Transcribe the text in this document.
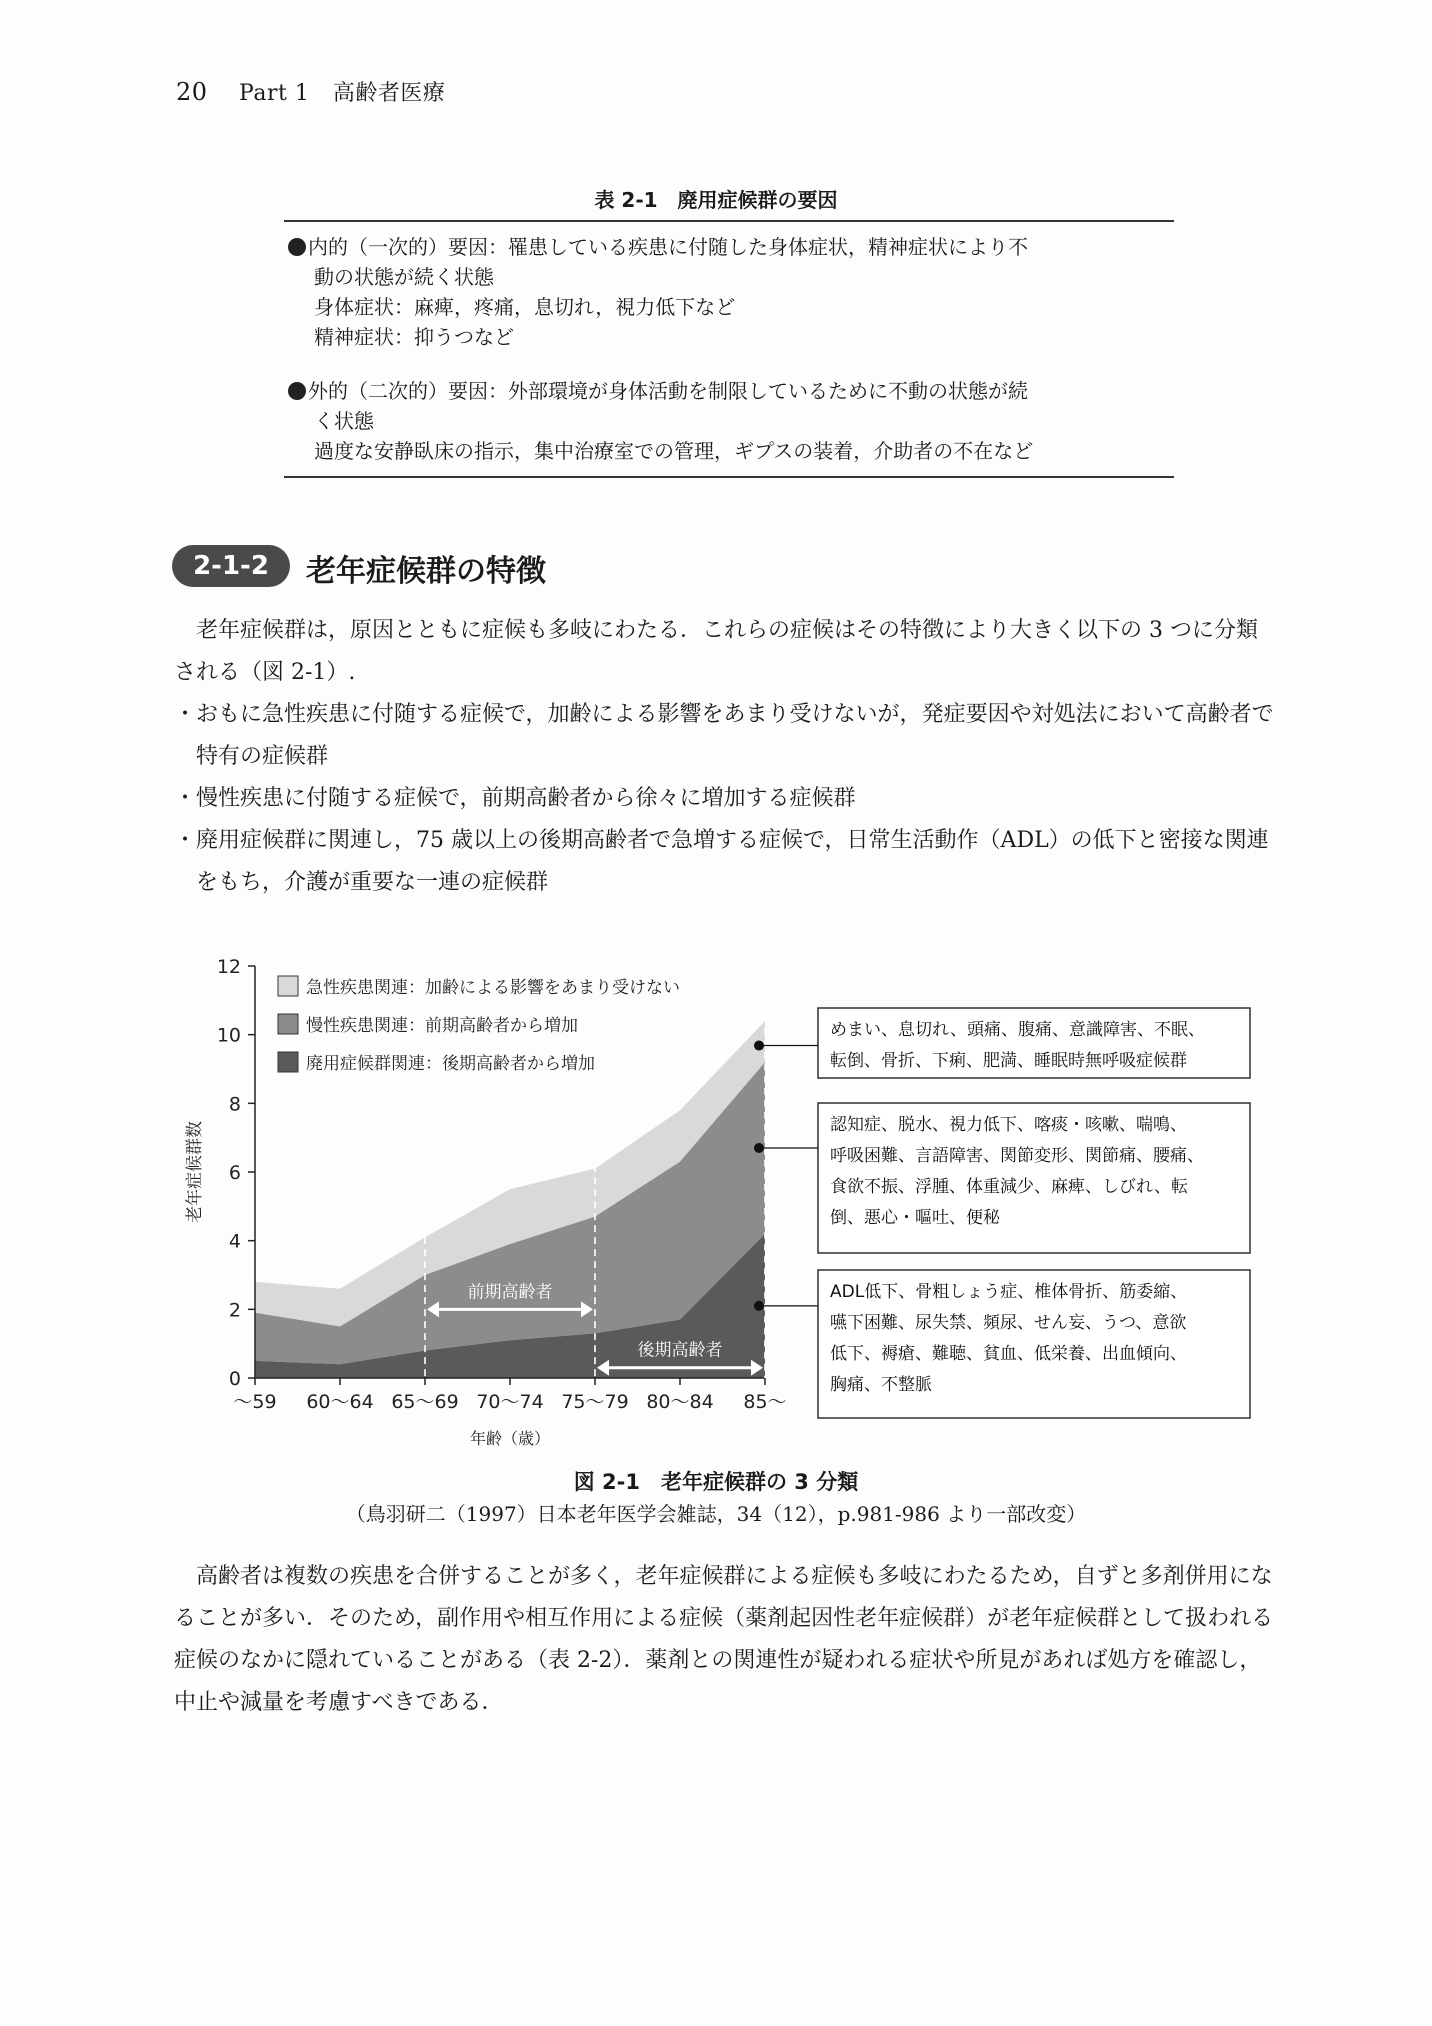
20 Part 1 高齢者医療
表 2-1　廃用症候群の要因
内的（一次的）要因：罹患している疾患に付随した身体症状，精神症状により不
動の状態が続く状態
身体症状：麻痺，疼痛，息切れ，視力低下など
精神症状：抑うつなど
外的（二次的）要因：外部環境が身体活動を制限しているために不動の状態が続
く状態
過度な安静臥床の指示，集中治療室での管理，ギプスの装着，介助者の不在など
2-1-2	老年症候群の特徴

老年症候群は，原因とともに症候も多岐にわたる．これらの症候はその特徴により大きく以下の 3 つに分類される（図 2-1）.

・おもに急性疾患に付随する症候で，加齢による影響をあまり受けないが，発症要因や対処法において高齢者で特有の症候群
・慢性疾患に付随する症候で，前期高齢者から徐々に増加する症候群
・廃用症候群に関連し，75 歳以上の後期高齢者で急増する症候で，日常生活動作（ADL）の低下と密接な関連をもち，介護が重要な一連の症候群
0
2
4
6
8
10
12
～59 60～64 65～69 70～74 75～79 80～84 85～
年齢（歳）
老年症候群数
前期高齢者
後期高齢者
急性疾患関連：加齢による影響をあまり受けない
慢性疾患関連：前期高齢者から増加
廃用症候群関連：後期高齢者から増加
めまい、息切れ、頭痛、腹痛、意識障害、不眠、
転倒、骨折、下痢、肥満、睡眠時無呼吸症候群
認知症、脱水、視力低下、喀痰・咳嗽、喘鳴、
呼吸困難、言語障害、関節変形、関節痛、腰痛、
食欲不振、浮腫、体重減少、麻痺、しびれ、転
倒、悪心・嘔吐、便秘
ADL低下、骨粗しょう症、椎体骨折、筋委縮、
嚥下困難、尿失禁、頻尿、せん妄、うつ、意欲
低下、褥瘡、難聴、貧血、低栄養、出血傾向、
胸痛、不整脈
図 2-1　老年症候群の 3 分類
（鳥羽研二（1997）日本老年医学会雑誌，34（12），p.981-986 より一部改変）

高齢者は複数の疾患を合併することが多く，老年症候群による症候も多岐にわたるため，自ずと多剤併用になることが多い．そのため，副作用や相互作用による症候（薬剤起因性老年症候群）が老年症候群として扱われる症候のなかに隠れていることがある（表 2-2）．薬剤との関連性が疑われる症状や所見があれば処方を確認し，中止や減量を考慮すべきである．
